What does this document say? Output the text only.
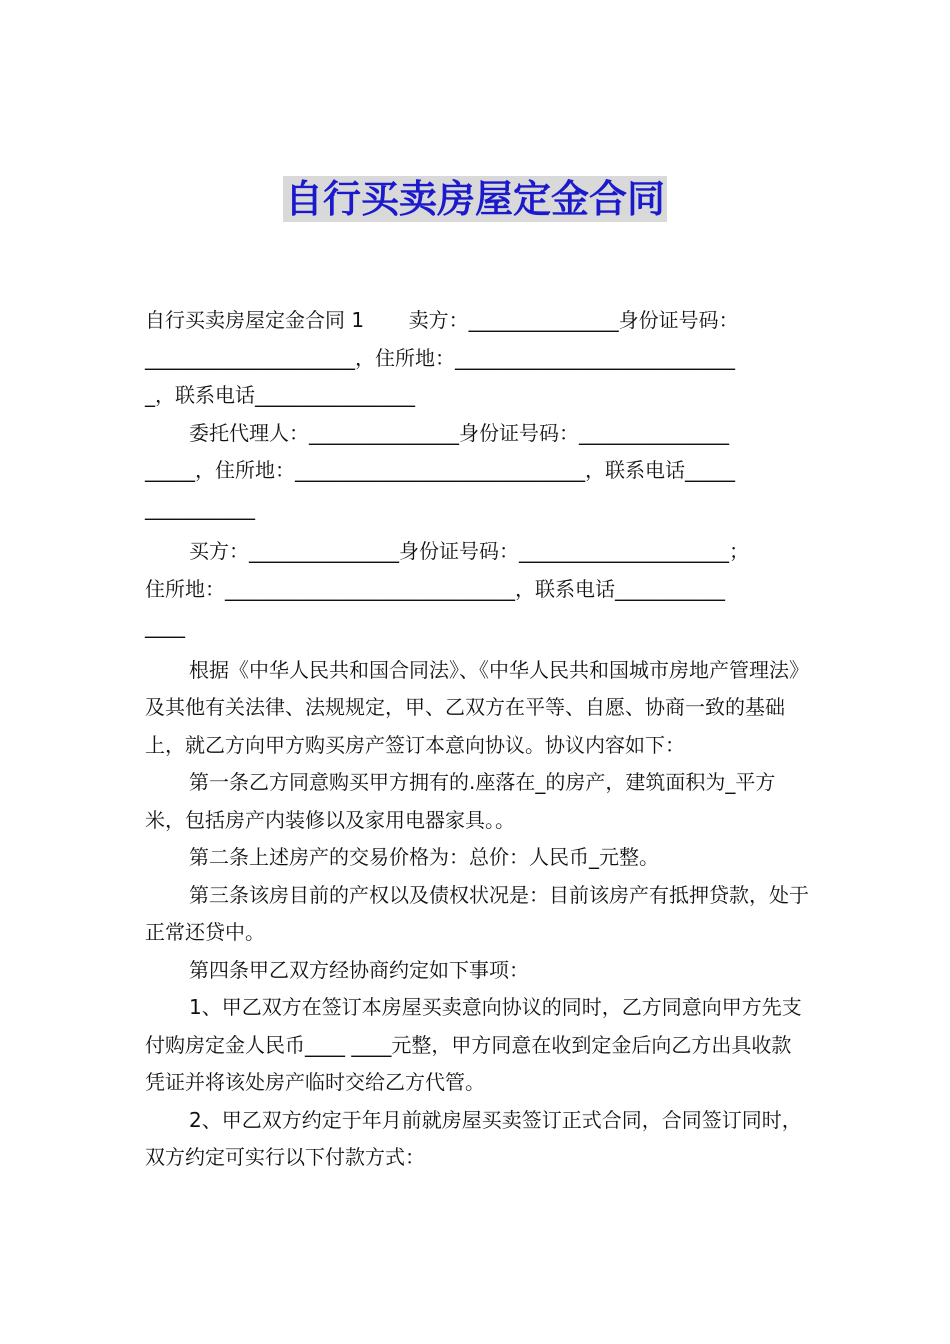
自行买卖房屋定金合同

自行买卖房屋定金合同 1       卖方：_______________身份证号码：
_____________________，住所地：____________________________
_，联系电话________________

委托代理人：_______________身份证号码：_______________
_____，住所地：_____________________________，联系电话_____
___________

买方：_______________身份证号码：_____________________；
住所地：_____________________________，联系电话___________
____

根据《中华人民共和国合同法》、《中华人民共和国城市房地产管理法》及其他有关法律、法规规定，甲、乙双方在平等、自愿、协商一致的基础上，就乙方向甲方购买房产签订本意向协议。协议内容如下：

第一条乙方同意购买甲方拥有的.座落在_的房产，建筑面积为_平方米，包括房产内装修以及家用电器家具。。

第二条上述房产的交易价格为：总价：人民币_元整。

第三条该房目前的产权以及债权状况是：目前该房产有抵押贷款，处于正常还贷中。

第四条甲乙双方经协商约定如下事项：

1、甲乙双方在签订本房屋买卖意向协议的同时，乙方同意向甲方先支付购房定金人民币____ ____元整，甲方同意在收到定金后向乙方出具收款凭证并将该处房产临时交给乙方代管。

2、甲乙双方约定于年月前就房屋买卖签订正式合同，合同签订同时，双方约定可实行以下付款方式：
